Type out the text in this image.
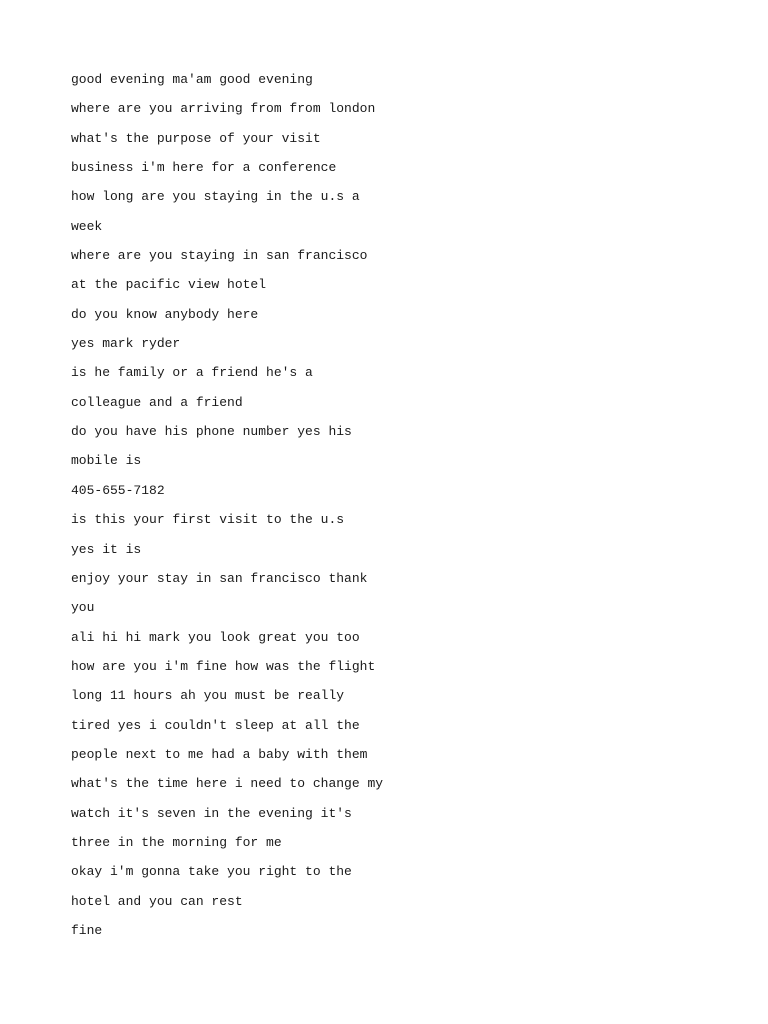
good evening ma'am good evening
where are you arriving from from london
what's the purpose of your visit
business i'm here for a conference
how long are you staying in the u.s a
week
where are you staying in san francisco
at the pacific view hotel
do you know anybody here
yes mark ryder
is he family or a friend he's a
colleague and a friend
do you have his phone number yes his
mobile is
405-655-7182
is this your first visit to the u.s
yes it is
enjoy your stay in san francisco thank
you
ali hi hi mark you look great you too
how are you i'm fine how was the flight
long 11 hours ah you must be really
tired yes i couldn't sleep at all the
people next to me had a baby with them
what's the time here i need to change my
watch it's seven in the evening it's
three in the morning for me
okay i'm gonna take you right to the
hotel and you can rest
fine
